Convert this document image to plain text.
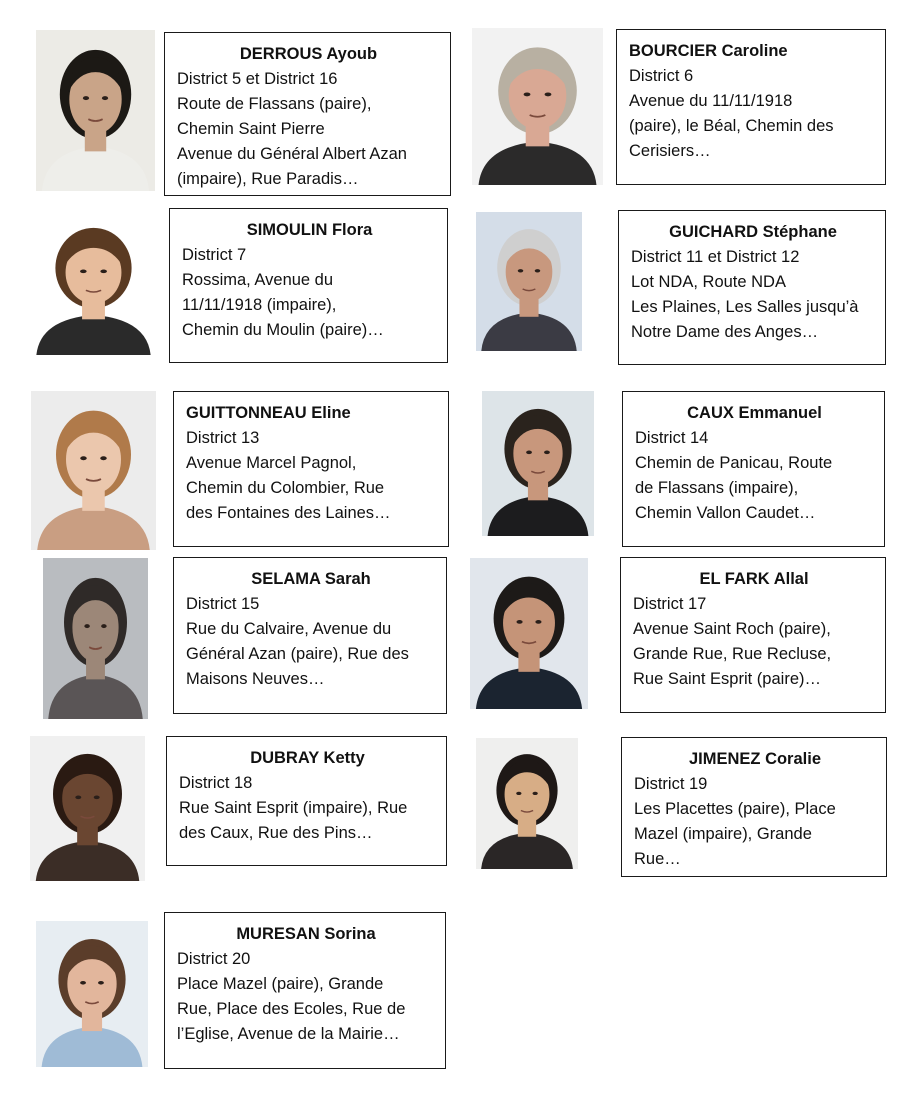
DERROUS Ayoub
District 5 et District 16
Route de Flassans (paire),
Chemin Saint Pierre
Avenue du Général Albert Azan
(impaire), Rue Paradis…
BOURCIER Caroline
District 6
Avenue du 11/11/1918
(paire), le Béal, Chemin des
Cerisiers…
SIMOULIN Flora
District 7
Rossima, Avenue du
11/11/1918 (impaire),
Chemin du Moulin (paire)…
GUICHARD Stéphane
District 11 et District 12
Lot NDA, Route NDA
Les Plaines, Les Salles jusqu’à
Notre Dame des Anges…
GUITTONNEAU Eline
District 13
Avenue Marcel Pagnol,
Chemin du Colombier, Rue
des Fontaines des Laines…
CAUX Emmanuel
District 14
Chemin de Panicau, Route
de Flassans (impaire),
Chemin Vallon Caudet…
SELAMA Sarah
District 15
Rue du Calvaire, Avenue du
Général Azan (paire), Rue des
Maisons Neuves…
EL FARK Allal
District 17
Avenue Saint Roch (paire),
Grande Rue, Rue Recluse,
Rue Saint Esprit (paire)…
DUBRAY Ketty
District 18
Rue Saint Esprit (impaire), Rue
des Caux, Rue des Pins…
JIMENEZ Coralie
District 19
Les Placettes (paire), Place
Mazel (impaire), Grande
Rue…
MURESAN Sorina
District 20
Place Mazel (paire), Grande
Rue, Place des Ecoles, Rue de
l’Eglise, Avenue de la Mairie…
